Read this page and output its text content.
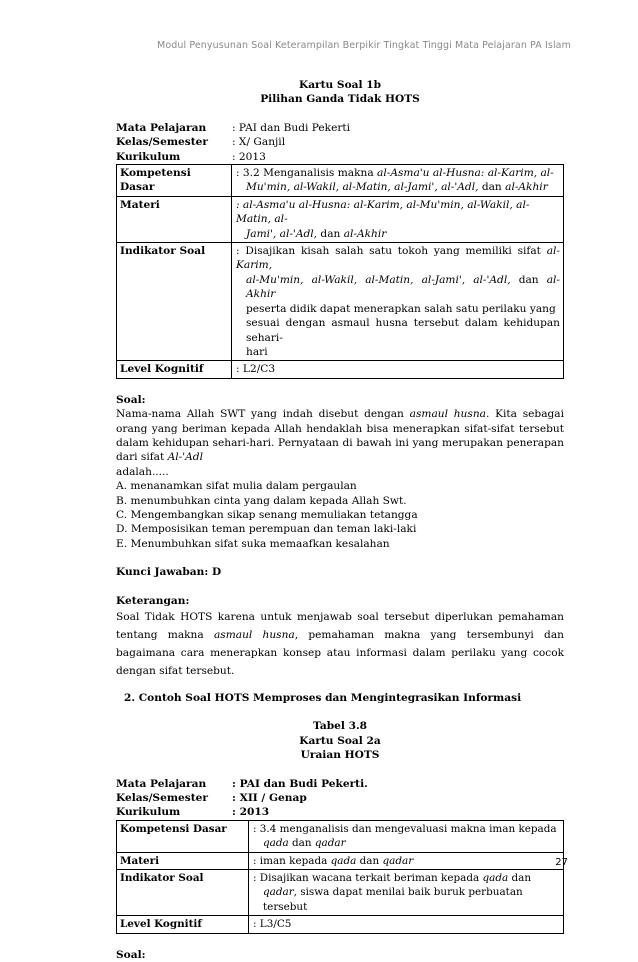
Modul Penyusunan Soal Keterampilan Berpikir Tingkat Tinggi Mata Pelajaran PA Islam
Kartu Soal 1b
Pilihan Ganda Tidak HOTS
Mata Pelajaran	: PAI dan Budi Pekerti
Kelas/Semester	: X/ Ganjil
Kurikulum	: 2013
Kompetensi Dasar	: 3.2 Menganalisis makna al-Asma'u al-Husna: al-Karim, al-
Mu'min, al-Wakil, al-Matin, al-Jami', al-'Adl, dan al-Akhir

Materi	: al-Asma'u al-Husna: al-Karim, al-Mu'min, al-Wakil, al-Matin, al-
Jami', al-'Adl, dan al-Akhir

Indikator Soal	: Disajikan kisah salah satu tokoh yang memiliki sifat al-Karim,
al-Mu'min, al-Wakil, al-Matin, al-Jami', al-'Adl, dan al-Akhir
peserta didik dapat menerapkan salah satu perilaku yang
sesuai dengan asmaul husna tersebut dalam kehidupan sehari-
hari

Level Kognitif	: L2/C3
Soal:
Nama-nama Allah SWT yang indah disebut dengan asmaul husna. Kita sebagai orang yang beriman kepada Allah hendaklah bisa menerapkan sifat-sifat tersebut dalam kehidupan sehari-hari. Pernyataan di bawah ini yang merupakan penerapan dari sifat Al-'Adl
adalah.....
A. menanamkan sifat mulia dalam pergaulan
B. menumbuhkan cinta yang dalam kepada Allah Swt.
C. Mengembangkan sikap senang memuliakan tetangga
D. Memposisikan teman perempuan dan teman laki-laki
E. Menumbuhkan sifat suka memaafkan kesalahan
Kunci Jawaban: D
Keterangan:
Soal Tidak HOTS karena untuk menjawab soal tersebut diperlukan pemahaman tentang makna asmaul husna, pemahaman makna yang tersembunyi dan bagaimana cara menerapkan konsep atau informasi dalam perilaku yang cocok dengan sifat tersebut.
2. Contoh Soal HOTS Memproses dan Mengintegrasikan Informasi
Tabel 3.8
Kartu Soal 2a
Uraian HOTS
Mata Pelajaran	: PAI dan Budi Pekerti.
Kelas/Semester	: XII / Genap
Kurikulum	: 2013
Kompetensi Dasar	: 3.4 menganalisis dan mengevaluasi makna iman kepada
qada dan qadar

Materi	: iman kepada qada dan qadar
Indikator Soal	: Disajikan wacana terkait beriman kepada qada dan
qadar, siswa dapat menilai baik buruk perbuatan
tersebut

Level Kognitif	: L3/C5
Soal:
27
